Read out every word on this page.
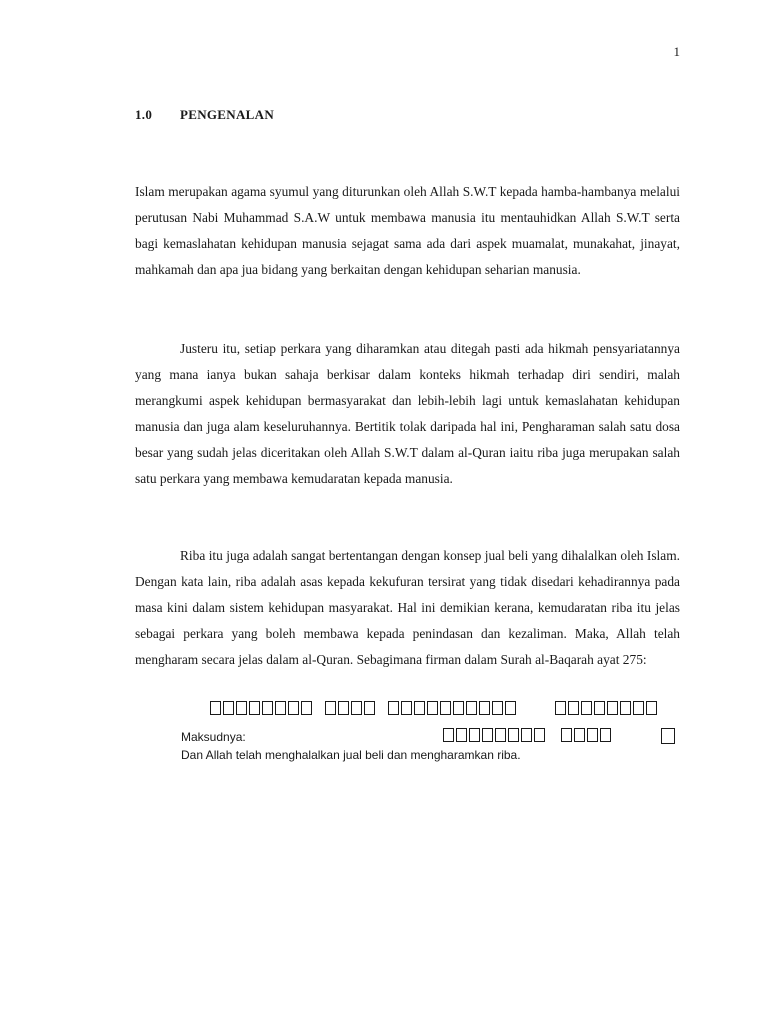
1
1.0 PENGENALAN

Islam merupakan agama syumul yang diturunkan oleh Allah S.W.T kepada hamba-hambanya melalui perutusan Nabi Muhammad S.A.W untuk membawa manusia itu mentauhidkan Allah S.W.T serta bagi kemaslahatan kehidupan manusia sejagat sama ada dari aspek muamalat, munakahat, jinayat, mahkamah dan apa jua bidang yang berkaitan dengan kehidupan seharian manusia.

Justeru itu, setiap perkara yang diharamkan atau ditegah pasti ada hikmah pensyariatannya yang mana ianya bukan sahaja berkisar dalam konteks hikmah terhadap diri sendiri, malah merangkumi aspek kehidupan bermasyarakat dan lebih-lebih lagi untuk kemaslahatan kehidupan manusia dan juga alam keseluruhannya. Bertitik tolak daripada hal ini, Pengharaman salah satu dosa besar yang sudah jelas diceritakan oleh Allah S.W.T dalam al-Quran iaitu riba juga merupakan salah satu perkara yang membawa kemudaratan kepada manusia.

Riba itu juga adalah sangat bertentangan dengan konsep jual beli yang dihalalkan oleh Islam. Dengan kata lain, riba adalah asas kepada kekufuran tersirat yang tidak disedari kehadirannya pada masa kini dalam sistem kehidupan masyarakat. Hal ini demikian kerana, kemudaratan riba itu jelas sebagai perkara yang boleh membawa kepada penindasan dan kezaliman. Maka, Allah telah mengharam secara jelas dalam al-Quran. Sebagimana firman dalam Surah al-Baqarah ayat 275:

Maksudnya:
Dan Allah telah menghalalkan jual beli dan mengharamkan riba.
